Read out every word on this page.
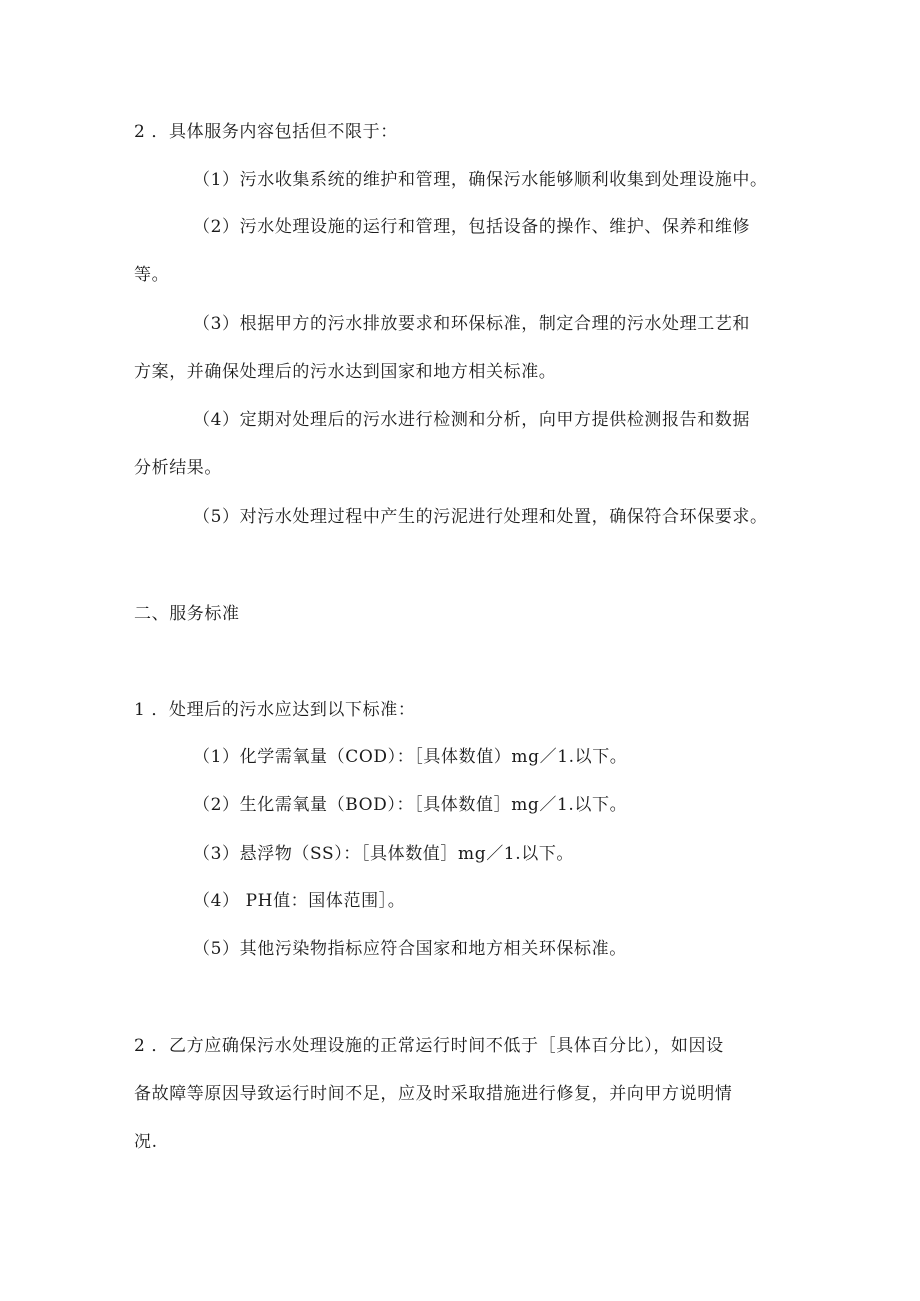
2 ．具体服务内容包括但不限于：
（1）污水收集系统的维护和管理，确保污水能够顺利收集到处理设施中。
（2）污水处理设施的运行和管理，包括设备的操作、维护、保养和维修
等。
（3）根据甲方的污水排放要求和环保标准，制定合理的污水处理工艺和
方案，并确保处理后的污水达到国家和地方相关标准。
（4）定期对处理后的污水进行检测和分析，向甲方提供检测报告和数据
分析结果。
（5）对污水处理过程中产生的污泥进行处理和处置，确保符合环保要求。
二、服务标准
1 ．处理后的污水应达到以下标准：
（1）化学需氧量（COD）：［具体数值）mg／1.以下。
（2）生化需氧量（BOD）：［具体数值］mg／1.以下。
（3）悬浮物（SS）：［具体数值］mg／1.以下。
（4） PH值：国体范围］。
（5）其他污染物指标应符合国家和地方相关环保标准。
2 ．乙方应确保污水处理设施的正常运行时间不低于［具体百分比），如因设
备故障等原因导致运行时间不足，应及时采取措施进行修复，并向甲方说明情
况.
